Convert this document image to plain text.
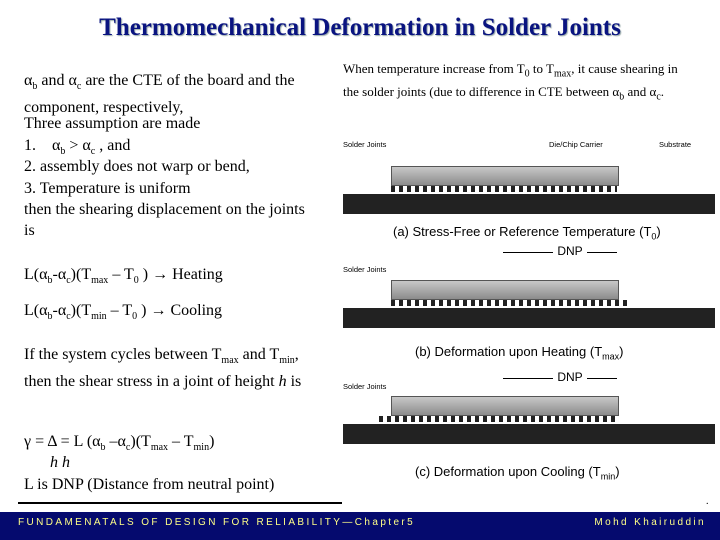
Thermomechanical Deformation in Solder Joints
$\alpha_b$ and $\alpha_c$ are the CTE of the board and the component, respectively,
Three assumption are made
1.    $\alpha_b > \alpha_c$ , and
2. assembly does not warp or bend,
3. Temperature is uniform
then the shearing displacement on the joints is
$L(\alpha_b-\alpha_c)(T_{max} - T_0$ ) → Heating
$L(\alpha_b-\alpha_c)(T_{min} - T_0$ ) → Cooling
If the system cycles between $T_{max}$ and $T_{min}$, then the shear stress in a joint of height h is
γ = Δ = L ($\alpha_b$ $-\alpha_c)(T_{max} - T_{min})$
h h
L is DNP (Distance from neutral point)
When temperature increase from $T_0$ to $T_{max}$, it cause shearing in the solder joints (due to difference in CTE between $\alpha_b$ and $\alpha_c$.
Solder Joints	Die/Chip Carrier	Substrate
(a) Stress-Free or Reference Temperature $(T_0)$
DNP
Solder Joints
(b) Deformation upon Heating $(T_{max})$
DNP
Solder Joints
(c) Deformation upon Cooling $(T_{min})$
.
FUNDAMENATALS OF DESIGN FOR RELIABILITY—Chapter5	Mohd Khairuddin
